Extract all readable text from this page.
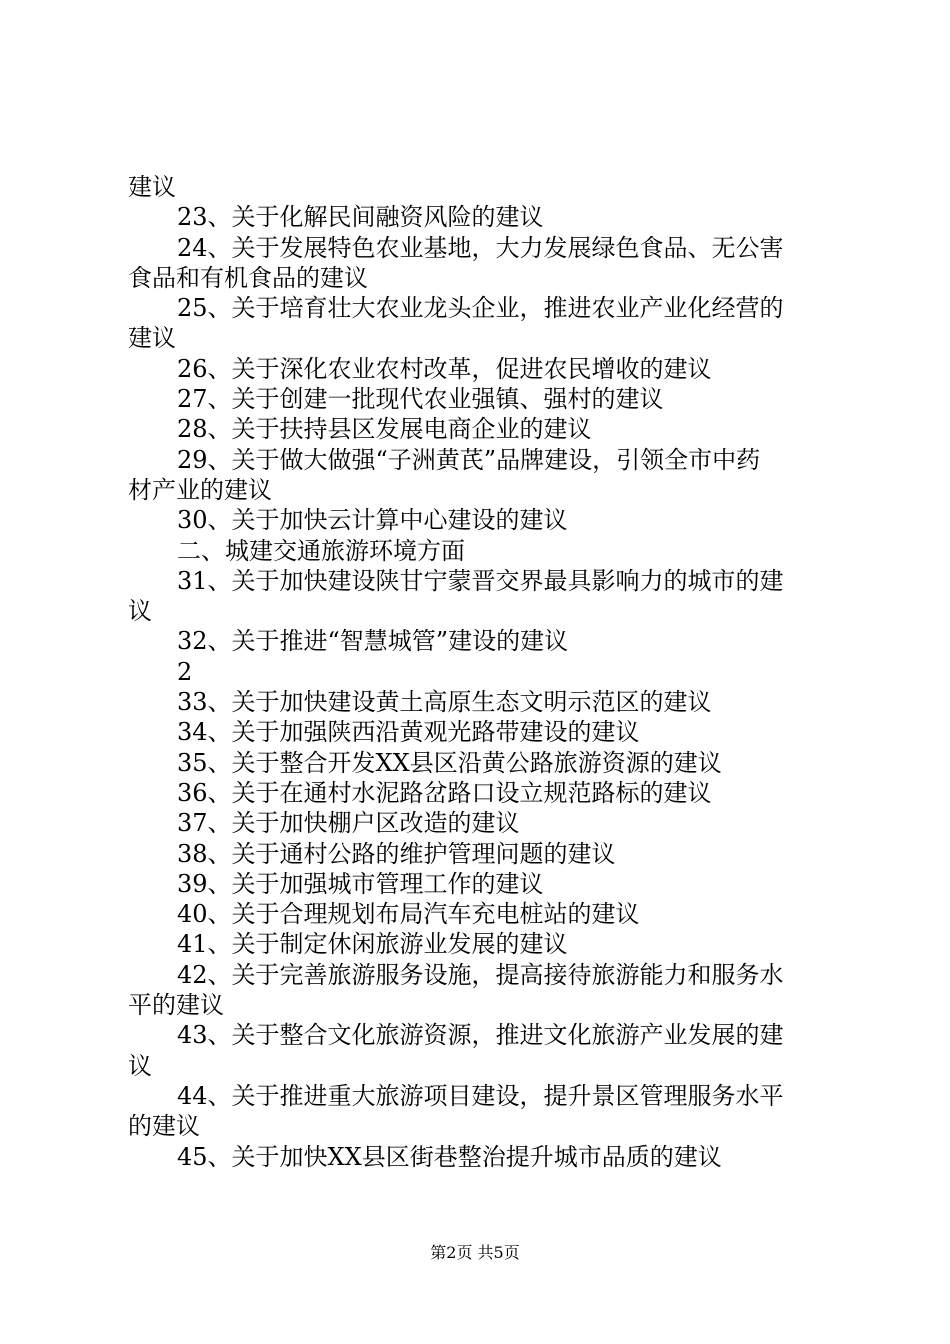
建议
23、关于化解民间融资风险的建议
24、关于发展特色农业基地，大力发展绿色食品、无公害
食品和有机食品的建议
25、关于培育壮大农业龙头企业，推进农业产业化经营的
建议
26、关于深化农业农村改革，促进农民增收的建议
27、关于创建一批现代农业强镇、强村的建议
28、关于扶持县区发展电商企业的建议
29、关于做大做强“子洲黄芪”品牌建设，引领全市中药
材产业的建议
30、关于加快云计算中心建设的建议
二、城建交通旅游环境方面
31、关于加快建设陕甘宁蒙晋交界最具影响力的城市的建
议
32、关于推进“智慧城管”建设的建议
2
33、关于加快建设黄土高原生态文明示范区的建议
34、关于加强陕西沿黄观光路带建设的建议
35、关于整合开发XX县区沿黄公路旅游资源的建议
36、关于在通村水泥路岔路口设立规范路标的建议
37、关于加快棚户区改造的建议
38、关于通村公路的维护管理问题的建议
39、关于加强城市管理工作的建议
40、关于合理规划布局汽车充电桩站的建议
41、关于制定休闲旅游业发展的建议
42、关于完善旅游服务设施，提高接待旅游能力和服务水
平的建议
43、关于整合文化旅游资源，推进文化旅游产业发展的建
议
44、关于推进重大旅游项目建设，提升景区管理服务水平
的建议
45、关于加快XX县区街巷整治提升城市品质的建议
第2页 共5页
